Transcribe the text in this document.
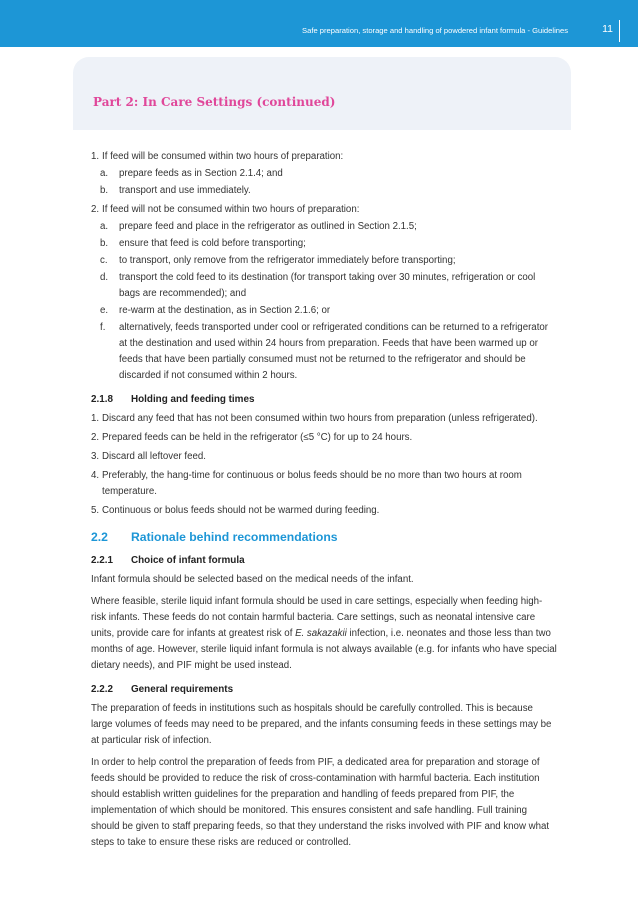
Safe preparation, storage and handling of powdered infant formula - Guidelines	11
Part 2: In Care Settings (continued)
1. If feed will be consumed within two hours of preparation:
a. prepare feeds as in Section 2.1.4; and
b. transport and use immediately.
2. If feed will not be consumed within two hours of preparation:
a. prepare feed and place in the refrigerator as outlined in Section 2.1.5;
b. ensure that feed is cold before transporting;
c. to transport, only remove from the refrigerator immediately before transporting;
d. transport the cold feed to its destination (for transport taking over 30 minutes, refrigeration or cool bags are recommended); and
e. re-warm at the destination, as in Section 2.1.6; or
f. alternatively, feeds transported under cool or refrigerated conditions can be returned to a refrigerator at the destination and used within 24 hours from preparation. Feeds that have been warmed up or feeds that have been partially consumed must not be returned to the refrigerator and should be discarded if not consumed within 2 hours.
2.1.8	Holding and feeding times
1. Discard any feed that has not been consumed within two hours from preparation (unless refrigerated).
2. Prepared feeds can be held in the refrigerator (≤5 °C) for up to 24 hours.
3. Discard all leftover feed.
4. Preferably, the hang-time for continuous or bolus feeds should be no more than two hours at room temperature.
5. Continuous or bolus feeds should not be warmed during feeding.
2.2	Rationale behind recommendations
2.2.1	Choice of infant formula

Infant formula should be selected based on the medical needs of the infant.

Where feasible, sterile liquid infant formula should be used in care settings, especially when feeding high-risk infants. These feeds do not contain harmful bacteria. Care settings, such as neonatal intensive care units, provide care for infants at greatest risk of E. sakazakii infection, i.e. neonates and those less than two months of age. However, sterile liquid infant formula is not always available (e.g. for infants who have special dietary needs), and PIF might be used instead.

2.2.2	General requirements

The preparation of feeds in institutions such as hospitals should be carefully controlled. This is because large volumes of feeds may need to be prepared, and the infants consuming feeds in these settings may be at particular risk of infection.

In order to help control the preparation of feeds from PIF, a dedicated area for preparation and storage of feeds should be provided to reduce the risk of cross-contamination with harmful bacteria. Each institution should establish written guidelines for the preparation and handling of feeds prepared from PIF, the implementation of which should be monitored. This ensures consistent and safe handling. Full training should be given to staff preparing feeds, so that they understand the risks involved with PIF and know what steps to take to ensure these risks are reduced or controlled.
